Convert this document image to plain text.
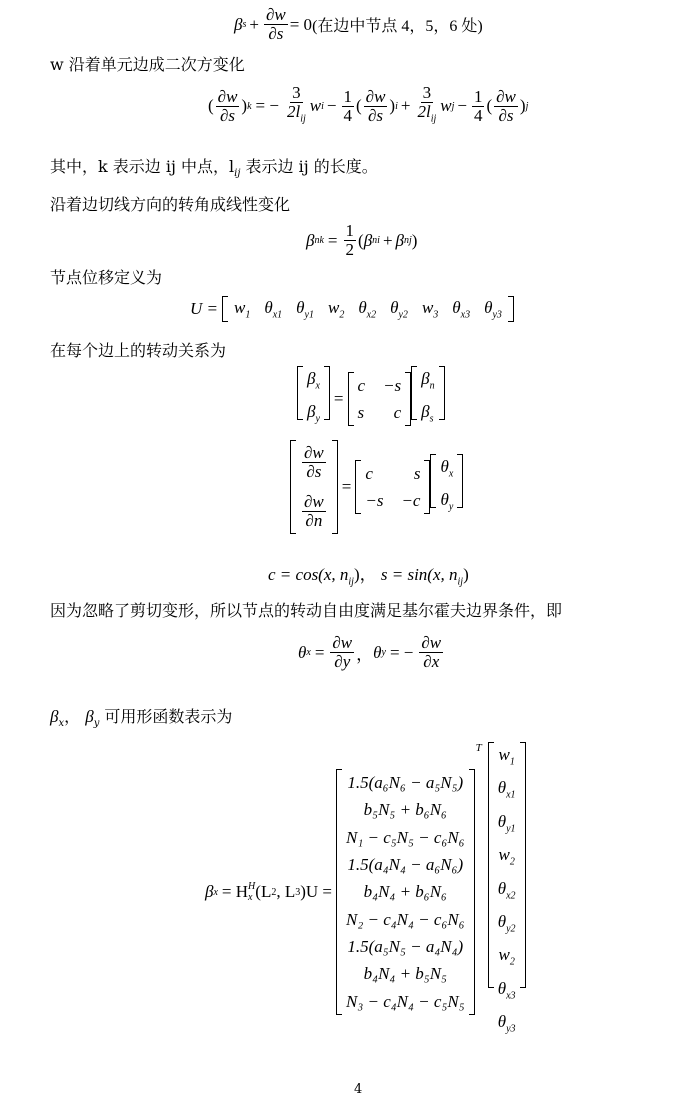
β $s + \frac{\partial w}{\partial s} = 0$ (在边中节点 4，5，6 处)
w 沿着单元边成二次方变化
( $\frac{\partial w}{\partial s}$ ) k = − $\frac{3}{2l_{ij}}$ w $i - \frac{1}{4}$ ( $\frac{\partial w}{\partial s}$ ) $i + \frac{3}{2l_{ij}}$ w $j - \frac{1}{4}$ ( $\frac{\partial w}{\partial s}$ ) j
其中，k 表示边 ij 中点，$l_{ij}$ 表示边 ij 的长度。
沿着边切线方向的转角成线性变化
β nk = $\frac{1}{2}$ ( β ni + β nj )
节点位移定义为
$U = w_1$ $\theta_{x1}$ $\theta_{y1}$ $w_2$ $\theta_{x2}$ $\theta_{y2}$ $w_3$ $\theta_{x3}$ $\theta_{y3}$
在每个边上的转动关系为
$\beta_x$
$\beta_y$
=
c −s
s c
$\beta_n$
$\beta_s$
$\frac{\partial w}{\partial s}$
$\frac{\partial w}{\partial n}$
=
c s
−s −c
$\theta_x$
$\theta_y$
c = cos(x, $n_{ij}$)， s = sin(x, $n_{ij}$)
因为忽略了剪切变形，所以节点的转动自由度满足基尔霍夫边界条件，即
θ $x = \frac{\partial w}{\partial y}$ ， θ y = − $\frac{\partial w}{\partial x}$
$\beta_x$， $\beta_y$ 可用形函数表示为
β x = H H
x (L 2 , L 3 )U =
1.5(a₆N₆ − a₅N₅)
b₅N₅ + b₆N₆
N₁ − c₅N₅ − c₆N₆
1.5(a₄N₄ − a₆N₆)
b₄N₄ + b₆N₆
N₂ − c₄N₄ − c₆N₆
1.5(a₅N₅ − a₄N₄)
b₄N₄ + b₅N₅
N₃ − c₄N₄ − c₅N₅
T $w_1$
$\theta_{x1}$
$\theta_{y1}$
$w_2$
$\theta_{x2}$
$\theta_{y2}$
$w_2$
$\theta_{x3}$
$\theta_{y3}$
4
